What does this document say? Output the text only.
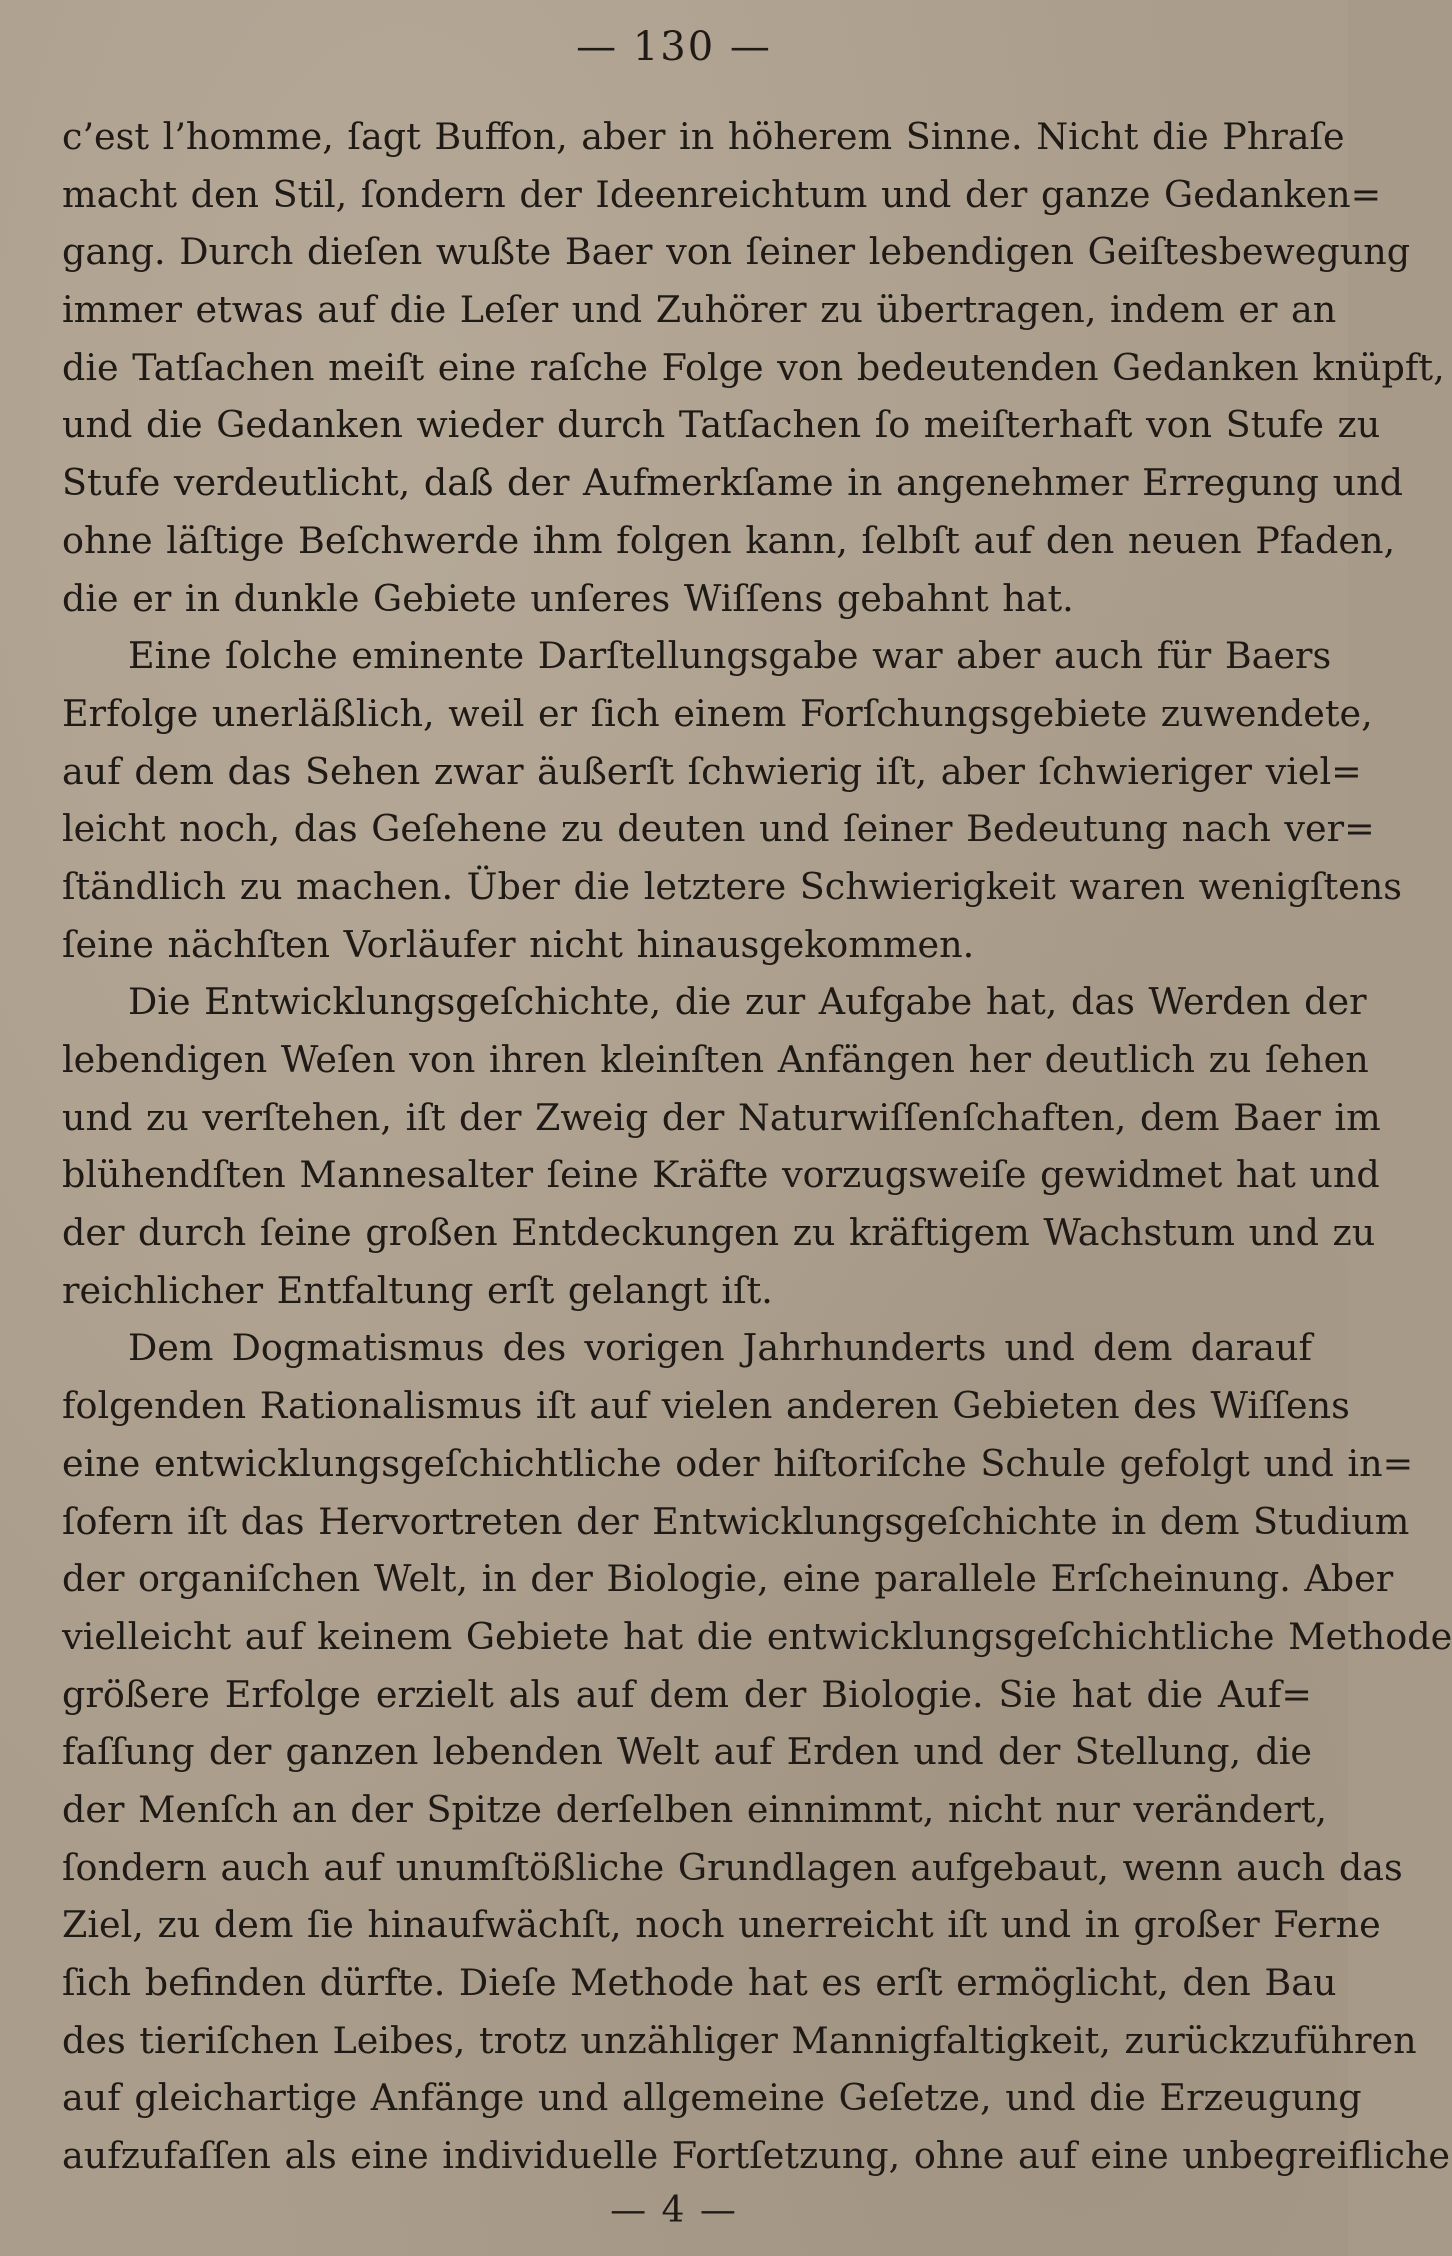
— 130 —
c’est l’homme, ſagt Buffon, aber in höherem Sinne. Nicht die Phraſe
macht den Stil, ſondern der Ideenreichtum und der ganze Gedanken=
gang. Durch dieſen wußte Baer von ſeiner lebendigen Geiſtesbewegung
immer etwas auf die Leſer und Zuhörer zu übertragen, indem er an
die Tatſachen meiſt eine raſche Folge von bedeutenden Gedanken knüpft,
und die Gedanken wieder durch Tatſachen ſo meiſterhaft von Stufe zu
Stufe verdeutlicht, daß der Aufmerkſame in angenehmer Erregung und
ohne läſtige Beſchwerde ihm folgen kann, ſelbſt auf den neuen Pfaden,
die er in dunkle Gebiete unſeres Wiſſens gebahnt hat.
Eine ſolche eminente Darſtellungsgabe war aber auch für Baers
Erfolge unerläßlich, weil er ſich einem Forſchungsgebiete zuwendete,
auf dem das Sehen zwar äußerſt ſchwierig iſt, aber ſchwieriger viel=
leicht noch, das Geſehene zu deuten und ſeiner Bedeutung nach ver=
ſtändlich zu machen. Über die letztere Schwierigkeit waren wenigſtens
ſeine nächſten Vorläufer nicht hinausgekommen.
Die Entwicklungsgeſchichte, die zur Aufgabe hat, das Werden der
lebendigen Weſen von ihren kleinſten Anfängen her deutlich zu ſehen
und zu verſtehen, iſt der Zweig der Naturwiſſenſchaften, dem Baer im
blühendſten Mannesalter ſeine Kräfte vorzugsweiſe gewidmet hat und
der durch ſeine großen Entdeckungen zu kräftigem Wachstum und zu
reichlicher Entfaltung erſt gelangt iſt.
Dem Dogmatismus des vorigen Jahrhunderts und dem darauf
folgenden Rationalismus iſt auf vielen anderen Gebieten des Wiſſens
eine entwicklungsgeſchichtliche oder hiſtoriſche Schule gefolgt und in=
ſofern iſt das Hervortreten der Entwicklungsgeſchichte in dem Studium
der organiſchen Welt, in der Biologie, eine parallele Erſcheinung. Aber
vielleicht auf keinem Gebiete hat die entwicklungsgeſchichtliche Methode
größere Erfolge erzielt als auf dem der Biologie. Sie hat die Auf=
faſſung der ganzen lebenden Welt auf Erden und der Stellung, die
der Menſch an der Spitze derſelben einnimmt, nicht nur verändert,
ſondern auch auf unumſtößliche Grundlagen aufgebaut, wenn auch das
Ziel, zu dem ſie hinaufwächſt, noch unerreicht iſt und in großer Ferne
ſich befinden dürfte. Dieſe Methode hat es erſt ermöglicht, den Bau
des tieriſchen Leibes, trotz unzähliger Mannigfaltigkeit, zurückzuführen
auf gleichartige Anfänge und allgemeine Geſetze, und die Erzeugung
aufzufaſſen als eine individuelle Fortſetzung, ohne auf eine unbegreifliche
— 4 —
